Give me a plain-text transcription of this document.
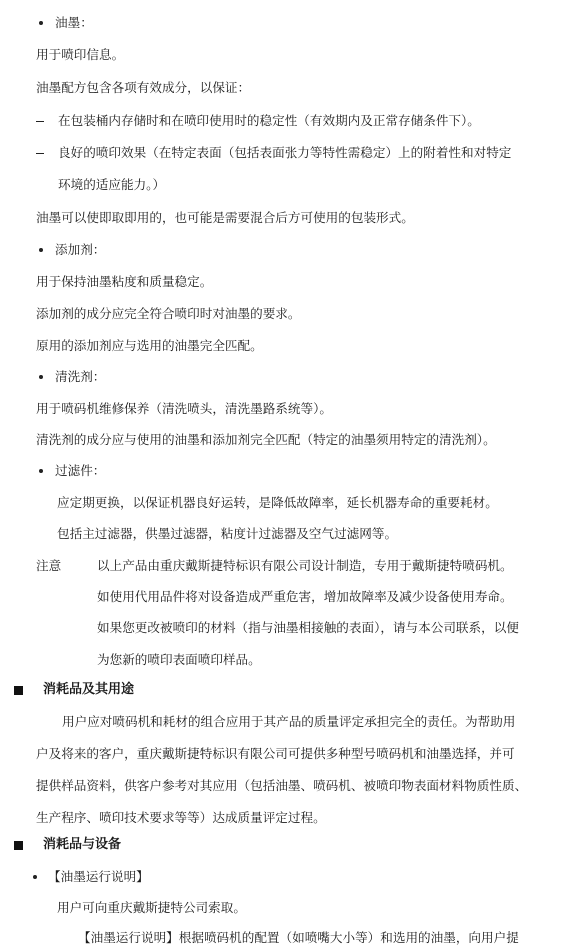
油墨：
用于喷印信息。
油墨配方包含各项有效成分，以保证：
在包装桶内存储时和在喷印使用时的稳定性（有效期内及正常存储条件下）。
良好的喷印效果（在特定表面（包括表面张力等特性需稳定）上的附着性和对特定
环境的适应能力。）
油墨可以使即取即用的，也可能是需要混合后方可使用的包装形式。
添加剂：
用于保持油墨粘度和质量稳定。
添加剂的成分应完全符合喷印时对油墨的要求。
原用的添加剂应与选用的油墨完全匹配。
清洗剂：
用于喷码机维修保养（清洗喷头，清洗墨路系统等）。
清洗剂的成分应与使用的油墨和添加剂完全匹配（特定的油墨须用特定的清洗剂）。
过滤件：
应定期更换，以保证机器良好运转，是降低故障率，延长机器寿命的重要耗材。
包括主过滤器，供墨过滤器，粘度计过滤器及空气过滤网等。
注意	以上产品由重庆戴斯捷特标识有限公司设计制造，专用于戴斯捷特喷码机。
如使用代用品件将对设备造成严重危害，增加故障率及减少设备使用寿命。
如果您更改被喷印的材料（指与油墨相接触的表面），请与本公司联系，以便
为您新的喷印表面喷印样品。
消耗品及其用途
用户应对喷码机和耗材的组合应用于其产品的质量评定承担完全的责任。为帮助用
户及将来的客户，重庆戴斯捷特标识有限公司可提供多种型号喷码机和油墨选择，并可
提供样品资料，供客户参考对其应用（包括油墨、喷码机、被喷印物表面材料物质性质、
生产程序、喷印技术要求等等）达成质量评定过程。
消耗品与设备
【油墨运行说明】
用户可向重庆戴斯捷特公司索取。
【油墨运行说明】根据喷码机的配置（如喷嘴大小等）和选用的油墨，向用户提
